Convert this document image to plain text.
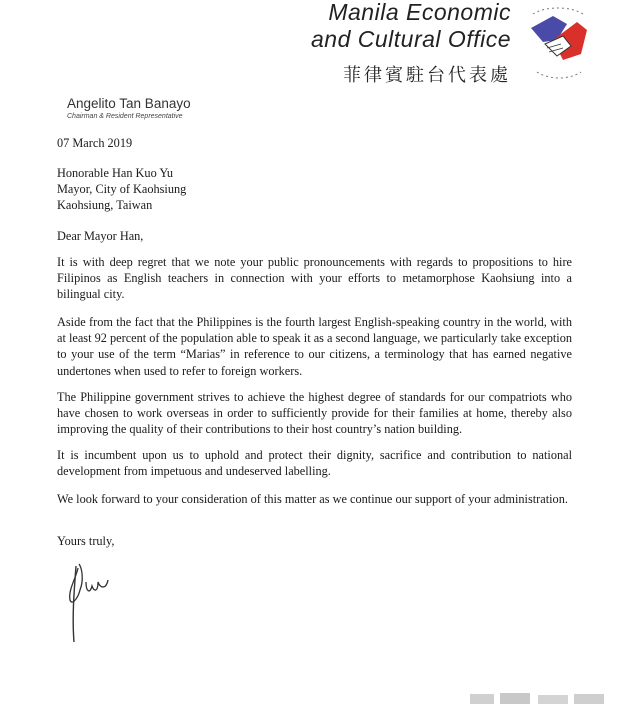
Manila Economic
and Cultural Office
菲律賓駐台代表處
Angelito Tan Banayo
Chairman & Resident Representative
07 March 2019
Honorable Han Kuo Yu
Mayor, City of Kaohsiung
Kaohsiung, Taiwan
Dear Mayor Han,
It is with deep regret that we note your public pronouncements with regards to propositions to hire Filipinos as English teachers in connection with your efforts to metamorphose Kaohsiung into a bilingual city.
Aside from the fact that the Philippines is the fourth largest English-speaking country in the world, with at least 92 percent of the population able to speak it as a second language, we particularly take exception to your use of the term “Marias” in reference to our citizens, a terminology that has earned negative undertones when used to refer to foreign workers.
The Philippine government strives to achieve the highest degree of standards for our compatriots who have chosen to work overseas in order to sufficiently provide for their families at home, thereby also improving the quality of their contributions to their host country’s nation building.
It is incumbent upon us to uphold and protect their dignity, sacrifice and contribution to national development from impetuous and undeserved labelling.
We look forward to your consideration of this matter as we continue our support of your administration.
Yours truly,
